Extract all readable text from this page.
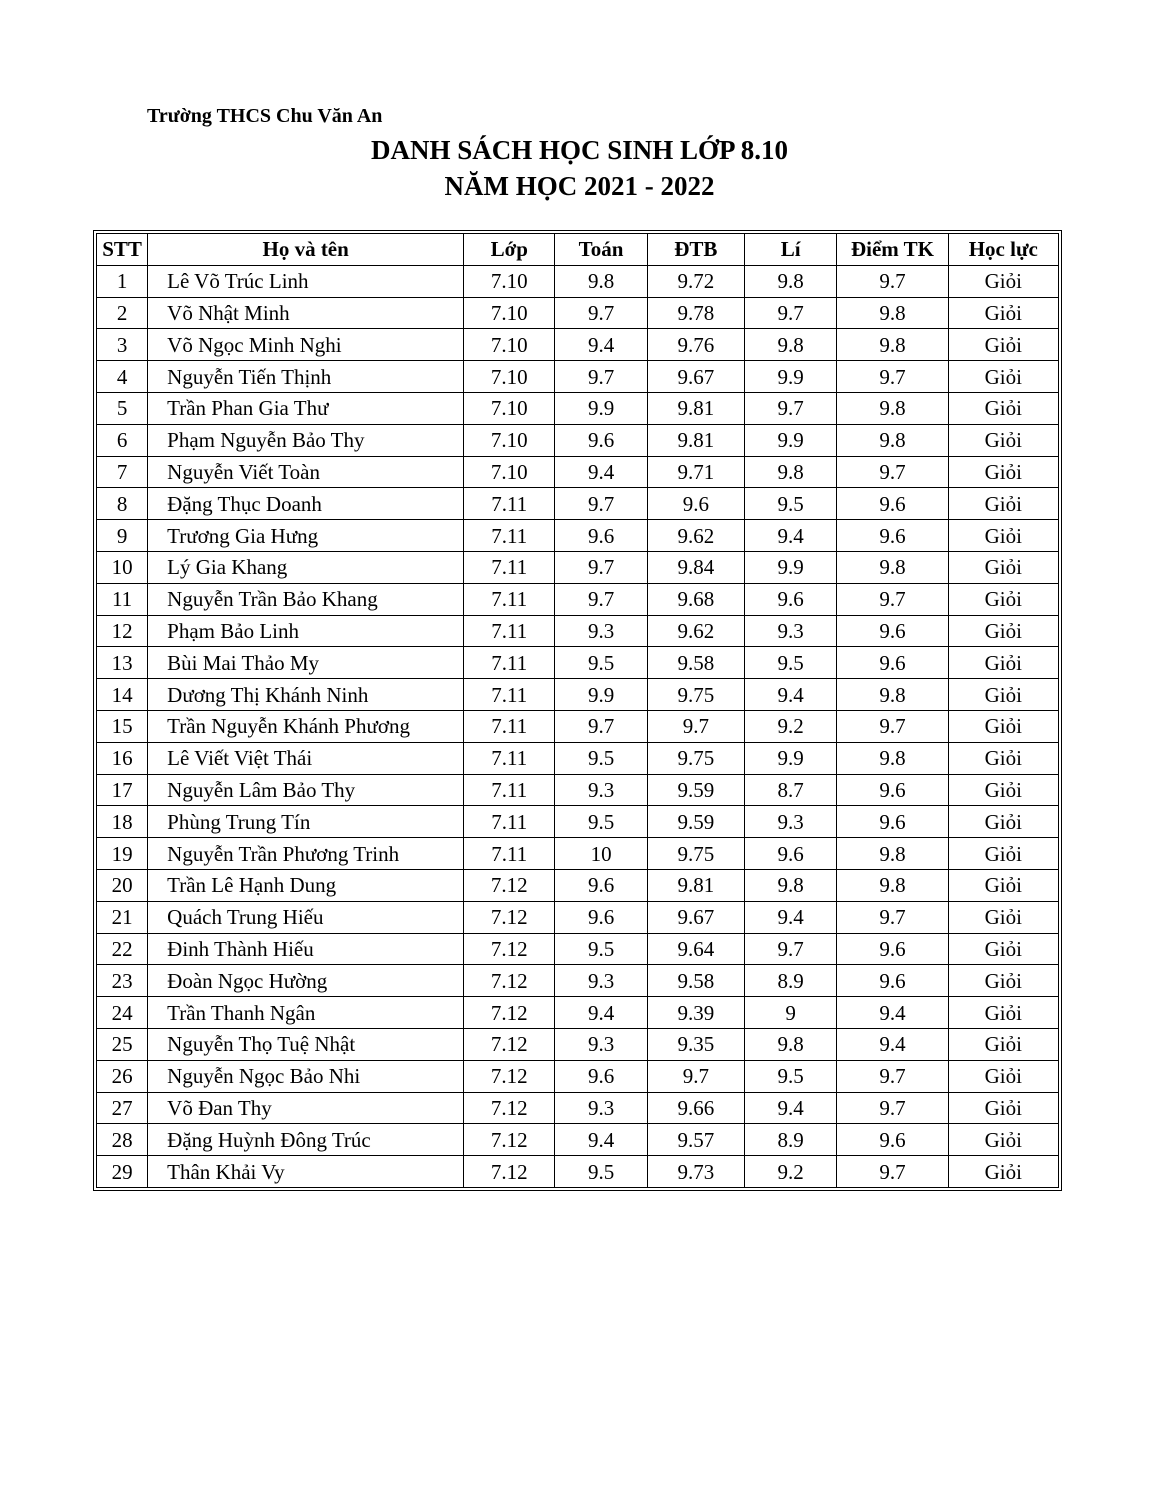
Trường THCS Chu Văn An
DANH SÁCH HỌC SINH LỚP 8.10
NĂM HỌC 2021 - 2022
STT	Họ và tên	Lớp	Toán	ĐTB	Lí	Điểm TK	Học lực
1	Lê Võ Trúc Linh	7.10	9.8	9.72	9.8	9.7	Giỏi
2	Võ Nhật Minh	7.10	9.7	9.78	9.7	9.8	Giỏi
3	Võ Ngọc Minh Nghi	7.10	9.4	9.76	9.8	9.8	Giỏi
4	Nguyễn Tiến Thịnh	7.10	9.7	9.67	9.9	9.7	Giỏi
5	Trần Phan Gia Thư	7.10	9.9	9.81	9.7	9.8	Giỏi
6	Phạm Nguyễn Bảo Thy	7.10	9.6	9.81	9.9	9.8	Giỏi
7	Nguyễn Viết Toàn	7.10	9.4	9.71	9.8	9.7	Giỏi
8	Đặng Thục Doanh	7.11	9.7	9.6	9.5	9.6	Giỏi
9	Trương Gia Hưng	7.11	9.6	9.62	9.4	9.6	Giỏi
10	Lý Gia Khang	7.11	9.7	9.84	9.9	9.8	Giỏi
11	Nguyễn Trần Bảo Khang	7.11	9.7	9.68	9.6	9.7	Giỏi
12	Phạm Bảo Linh	7.11	9.3	9.62	9.3	9.6	Giỏi
13	Bùi Mai Thảo My	7.11	9.5	9.58	9.5	9.6	Giỏi
14	Dương Thị Khánh Ninh	7.11	9.9	9.75	9.4	9.8	Giỏi
15	Trần Nguyễn Khánh Phương	7.11	9.7	9.7	9.2	9.7	Giỏi
16	Lê Viết Việt Thái	7.11	9.5	9.75	9.9	9.8	Giỏi
17	Nguyễn Lâm Bảo Thy	7.11	9.3	9.59	8.7	9.6	Giỏi
18	Phùng Trung Tín	7.11	9.5	9.59	9.3	9.6	Giỏi
19	Nguyễn Trần Phương Trinh	7.11	10	9.75	9.6	9.8	Giỏi
20	Trần Lê Hạnh Dung	7.12	9.6	9.81	9.8	9.8	Giỏi
21	Quách Trung Hiếu	7.12	9.6	9.67	9.4	9.7	Giỏi
22	Đinh Thành Hiếu	7.12	9.5	9.64	9.7	9.6	Giỏi
23	Đoàn Ngọc Hường	7.12	9.3	9.58	8.9	9.6	Giỏi
24	Trần Thanh Ngân	7.12	9.4	9.39	9	9.4	Giỏi
25	Nguyễn Thọ Tuệ Nhật	7.12	9.3	9.35	9.8	9.4	Giỏi
26	Nguyễn Ngọc Bảo Nhi	7.12	9.6	9.7	9.5	9.7	Giỏi
27	Võ Đan Thy	7.12	9.3	9.66	9.4	9.7	Giỏi
28	Đặng Huỳnh Đông Trúc	7.12	9.4	9.57	8.9	9.6	Giỏi
29	Thân Khải Vy	7.12	9.5	9.73	9.2	9.7	Giỏi
